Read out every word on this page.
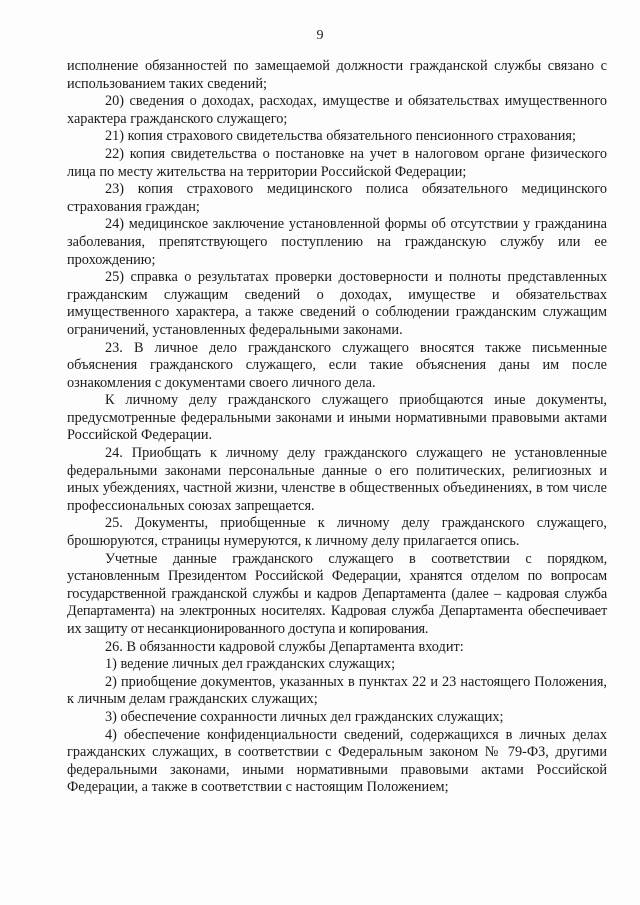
9

исполнение обязанностей по замещаемой должности гражданской службы связано с использованием таких сведений;

20) сведения о доходах, расходах, имуществе и обязательствах имущественного характера гражданского служащего;

21) копия страхового свидетельства обязательного пенсионного страхования;

22) копия свидетельства о постановке на учет в налоговом органе физического лица по месту жительства на территории Российской Федерации;

23) копия страхового медицинского полиса обязательного медицинского страхования граждан;

24) медицинское заключение установленной формы об отсутствии у гражданина заболевания, препятствующего поступлению на гражданскую службу или ее прохождению;

25) справка о результатах проверки достоверности и полноты представленных гражданским служащим сведений о доходах, имуществе и обязательствах имущественного характера, а также сведений о соблюдении гражданским служащим ограничений, установленных федеральными законами.

23. В личное дело гражданского служащего вносятся также письменные объяснения гражданского служащего, если такие объяснения даны им после ознакомления с документами своего личного дела.

К личному делу гражданского служащего приобщаются иные документы, предусмотренные федеральными законами и иными нормативными правовыми актами Российской Федерации.

24. Приобщать к личному делу гражданского служащего не установленные федеральными законами персональные данные о его политических, религиозных и иных убеждениях, частной жизни, членстве в общественных объединениях, в том числе профессиональных союзах запрещается.

25. Документы, приобщенные к личному делу гражданского служащего, брошюруются, страницы нумеруются, к личному делу прилагается опись.

Учетные данные гражданского служащего в соответствии с порядком, установленным Президентом Российской Федерации, хранятся отделом по вопросам государственной гражданской службы и кадров Департамента (далее – кадровая служба Департамента) на электронных носителях. Кадровая служба Департамента обеспечивает их защиту от несанкционированного доступа и копирования.

26. В обязанности кадровой службы Департамента входит:

1) ведение личных дел гражданских служащих;

2) приобщение документов, указанных в пунктах 22 и 23 настоящего Положения, к личным делам гражданских служащих;

3) обеспечение сохранности личных дел гражданских служащих;

4) обеспечение конфиденциальности сведений, содержащихся в личных делах гражданских служащих, в соответствии с Федеральным законом № 79-ФЗ, другими федеральными законами, иными нормативными правовыми актами Российской Федерации, а также в соответствии с настоящим Положением;
